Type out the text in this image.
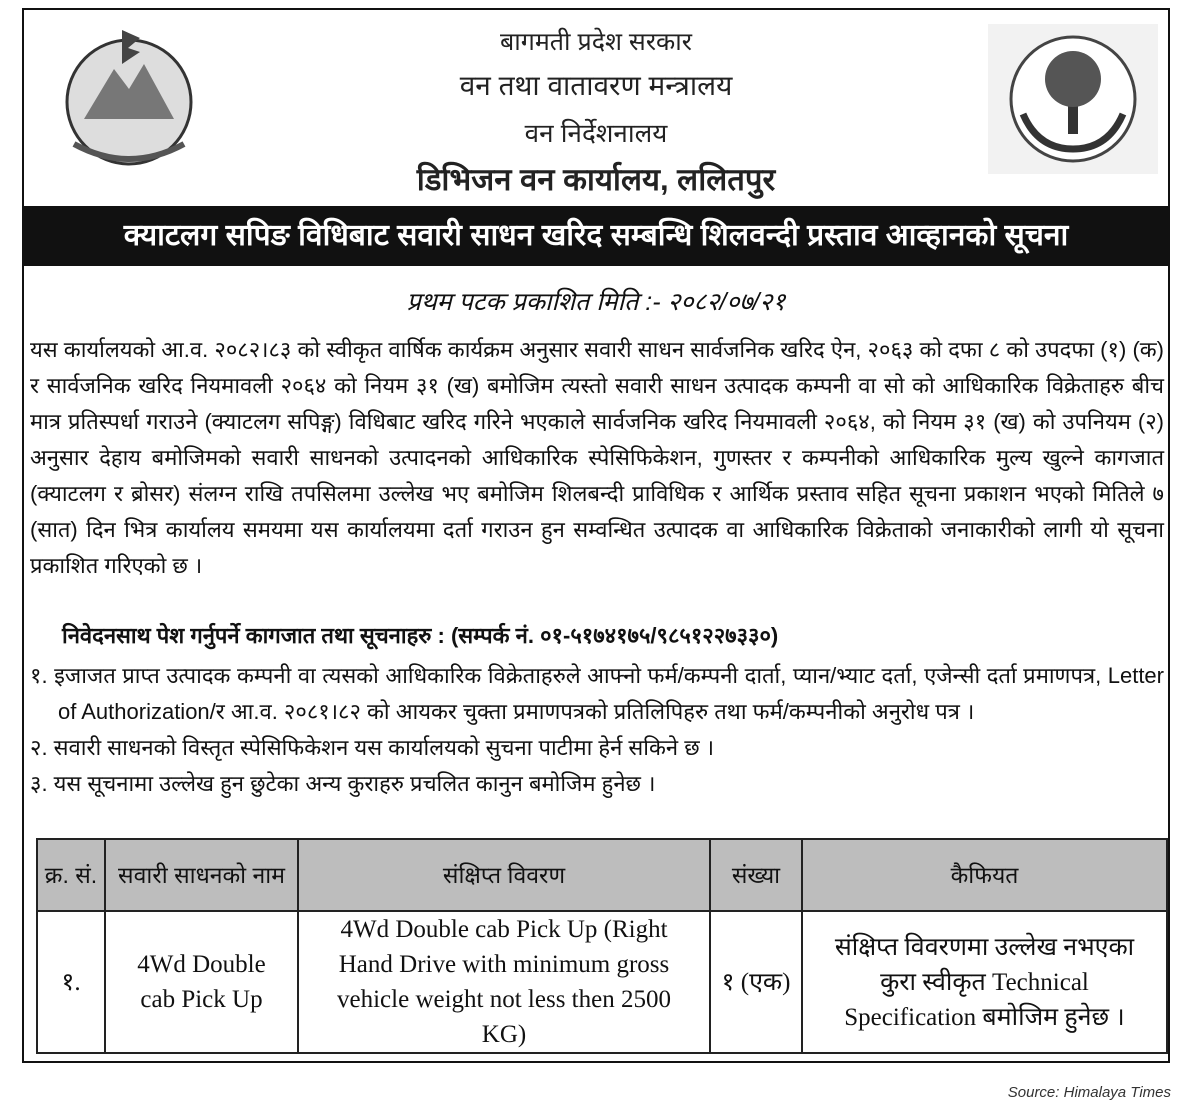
बागमती प्रदेश सरकार
वन तथा वातावरण मन्त्रालय
वन निर्देशनालय
डिभिजन वन कार्यालय, ललितपुर
क्याटलग सपिङ विधिबाट सवारी साधन खरिद सम्बन्धि शिलवन्दी प्रस्ताव आव्हानको सूचना
प्रथम पटक प्रकाशित मिति :- २०८२/०७/२१
यस कार्यालयको आ.व. २०८२।८३ को स्वीकृत वार्षिक कार्यक्रम अनुसार सवारी साधन सार्वजनिक खरिद ऐन, २०६३ को दफा ८ को उपदफा (१) (क) र सार्वजनिक खरिद नियमावली २०६४ को नियम ३१ (ख) बमोजिम त्यस्तो सवारी साधन उत्पादक कम्पनी वा सो को आधिकारिक विक्रेताहरु बीच मात्र प्रतिस्पर्धा गराउने (क्याटलग सपिङ्ग) विधिबाट खरिद गरिने भएकाले सार्वजनिक खरिद नियमावली २०६४, को नियम ३१ (ख) को उपनियम (२) अनुसार देहाय बमोजिमको सवारी साधनको उत्पादनको आधिकारिक स्पेसिफिकेशन, गुणस्तर र कम्पनीको आधिकारिक मुल्य खुल्ने कागजात (क्याटलग र ब्रोसर) संलग्न राखि तपसिलमा उल्लेख भए बमोजिम शिलबन्दी प्राविधिक र आर्थिक प्रस्ताव सहित सूचना प्रकाशन भएको मितिले ७ (सात) दिन भित्र कार्यालय समयमा यस कार्यालयमा दर्ता गराउन हुन सम्वन्धित उत्पादक वा आधिकारिक विक्रेताको जनाकारीको लागी यो सूचना प्रकाशित गरिएको छ ।
निवेदनसाथ पेश गर्नुपर्ने कागजात तथा सूचनाहरु : (सम्पर्क नं. ०१-५१७४१७५/९८५१२२७३३०)
१. इजाजत प्राप्त उत्पादक कम्पनी वा त्यसको आधिकारिक विक्रेताहरुले आफ्नो फर्म/कम्पनी दार्ता, प्यान/भ्याट दर्ता, एजेन्सी दर्ता प्रमाणपत्र, Letter of Authorization/र आ.व. २०८१।८२ को आयकर चुक्ता प्रमाणपत्रको प्रतिलिपिहरु तथा फर्म/कम्पनीको अनुरोध पत्र ।
२. सवारी साधनको विस्तृत स्पेसिफिकेशन यस कार्यालयको सुचना पाटीमा हेर्न सकिने छ ।
३. यस सूचनामा उल्लेख हुन छुटेका अन्य कुराहरु प्रचलित कानुन बमोजिम हुनेछ ।
क्र. सं.	सवारी साधनको नाम	संक्षिप्त विवरण	संख्या	कैफियत
१.	4Wd Double cab Pick Up	4Wd Double cab Pick Up (Right Hand Drive with minimum gross vehicle weight not less then 2500 KG)	१ (एक)	संक्षिप्त विवरणमा उल्लेख नभएका कुरा स्वीकृत Technical Specification बमोजिम हुनेछ ।
Source: Himalaya Times
